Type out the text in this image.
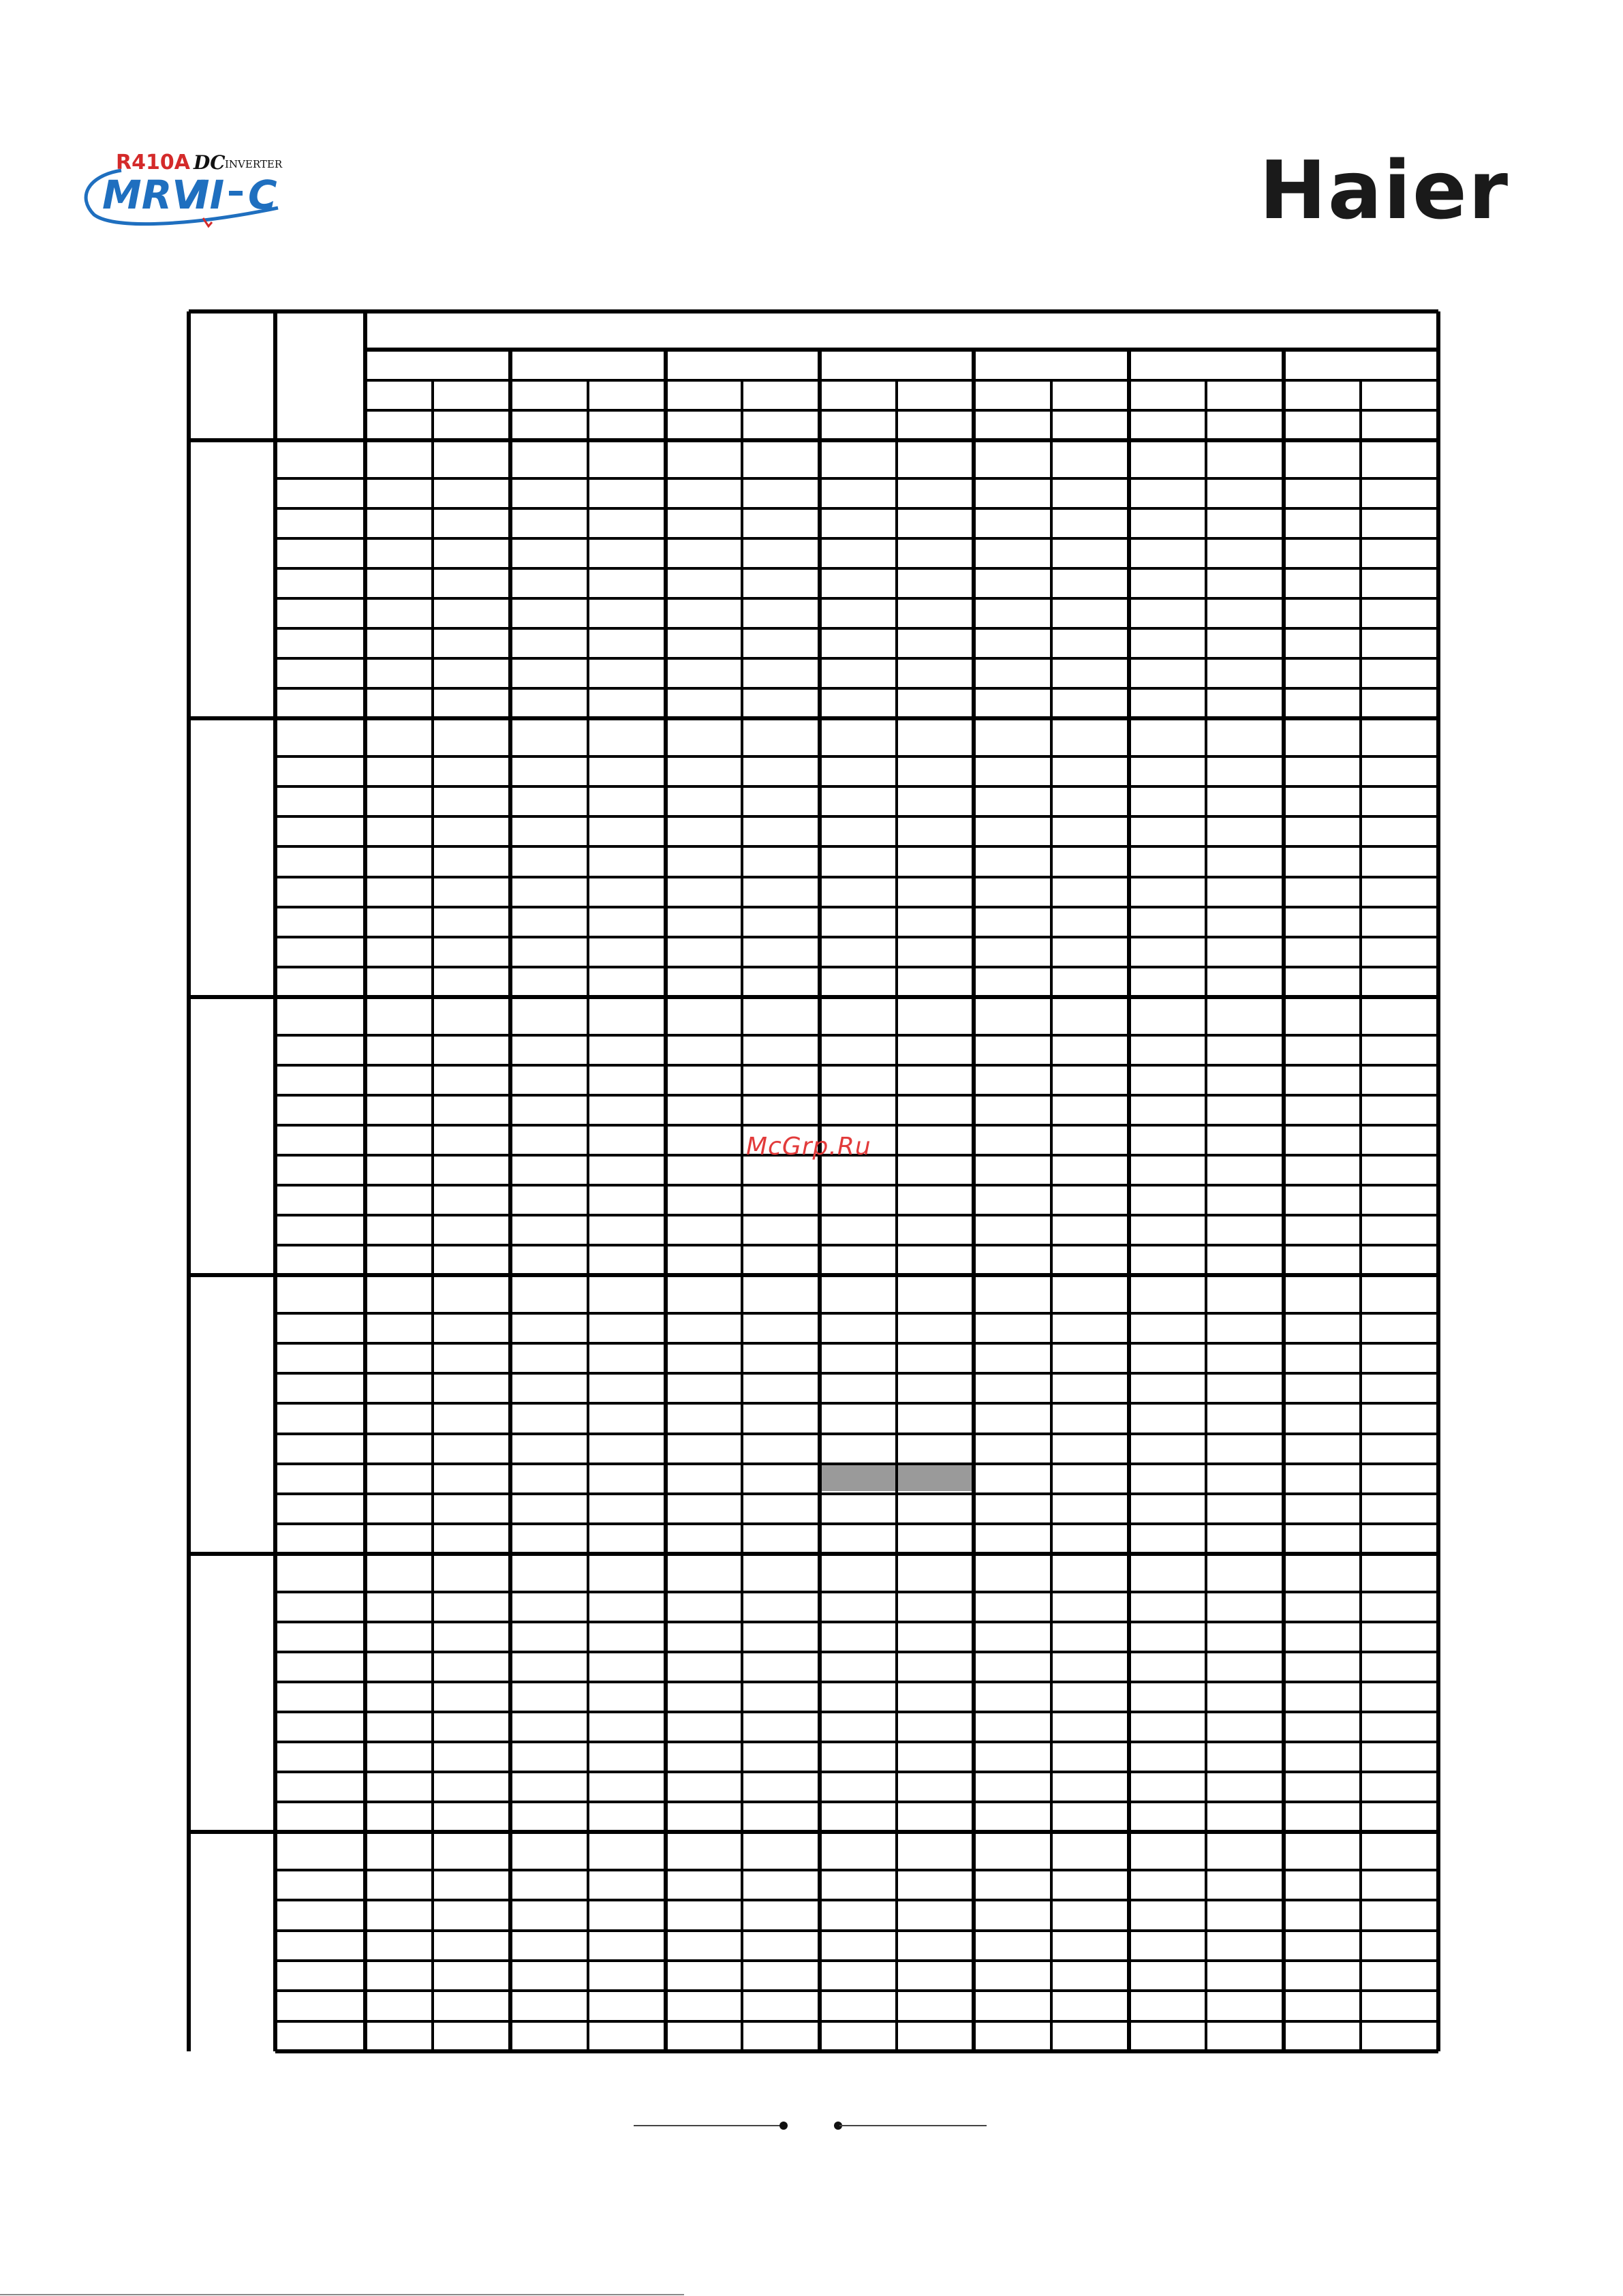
R410A DC INVERTER
MRV
II C	Haier
McGrp.Ru
